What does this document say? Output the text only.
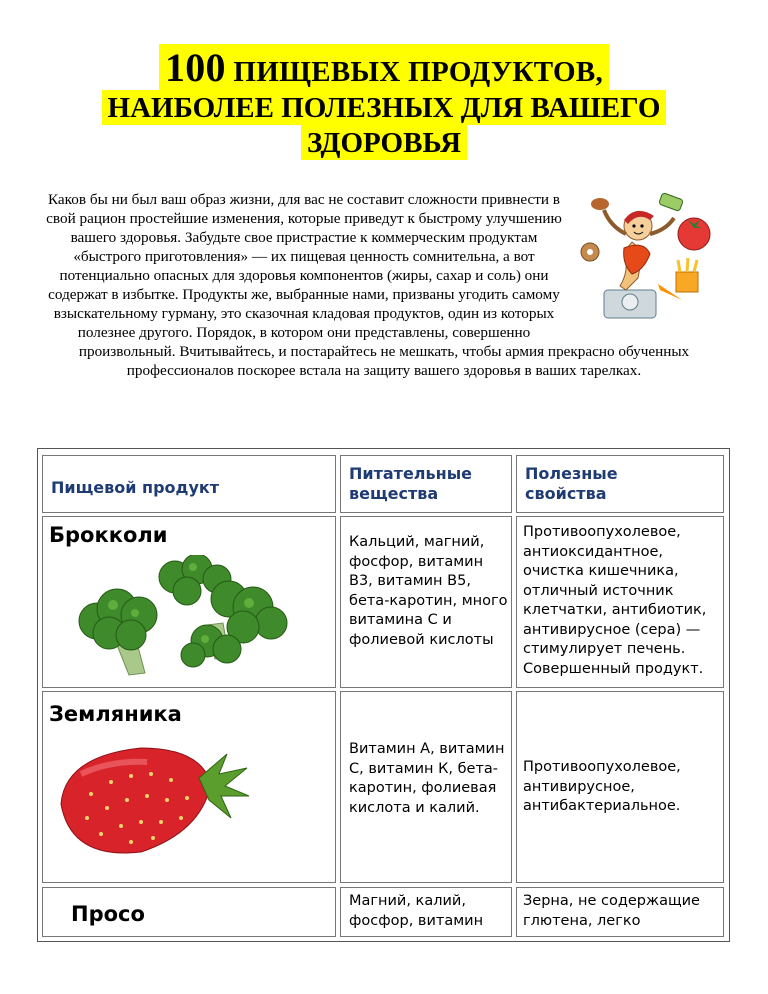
100 ПИЩЕВЫХ ПРОДУКТОВ,
НАИБОЛЕЕ ПОЛЕЗНЫХ ДЛЯ ВАШЕГО
ЗДОРОВЬЯ

Каков бы ни был ваш образ жизни, для вас не составит сложности привнести в свой рацион простейшие изменения, которые приведут к быстрому улучшению вашего здоровья. Забудьте свое пристрастие к коммерческим продуктам «быстрого приготовления» — их пищевая ценность сомнительна, а вот потенциально опасных для здоровья компонентов (жиры, сахар и соль) они содержат в избытке. Продукты же, выбранные нами, призваны угодить самому взыскательному гурману, это сказочная кладовая продуктов, один из которых полезнее другого. Порядок, в котором они представлены, совершенно произвольный. Вчитывайтесь, и постарайтесь не мешкать, чтобы армия прекрасно обученных профессионалов поскорее встала на защиту вашего здоровья в ваших тарелках.

Пищевой продукт
Питательные вещества
Полезные свойства
Брокколи	Кальций, магний, фосфор, витамин В3, витамин В5, бета-каротин, много витамина С и фолиевой кислоты
Противоопухолевое, антиоксидантное, очистка кишечника, отличный источник клетчатки, антибиотик, антивирусное (сера) — стимулирует печень. Совершенный продукт.
Земляника
Витамин А, витамин С, витамин К, бета-каротин, фолиевая кислота и калий.
Противоопухолевое, антивирусное, антибактериальное.
Просо
Магний, калий, фосфор, витамин
Зерна, не содержащие глютена, легко
